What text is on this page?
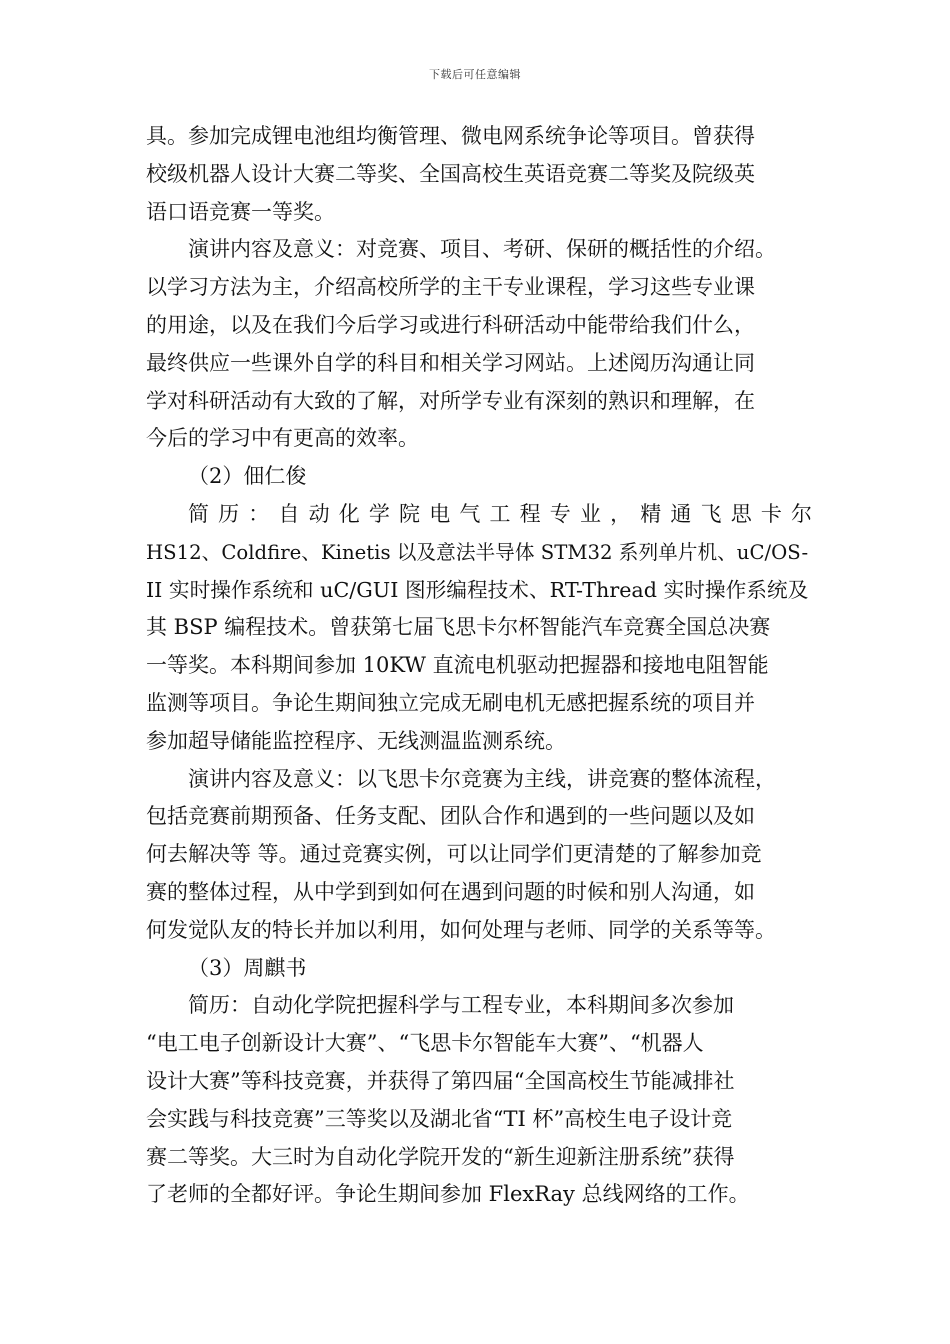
下载后可任意编辑
具。参加完成锂电池组均衡管理、微电网系统争论等项目。曾获得
校级机器人设计大赛二等奖、全国高校生英语竞赛二等奖及院级英
语口语竞赛一等奖。
演讲内容及意义：对竞赛、项目、考研、保研的概括性的介绍。
以学习方法为主，介绍高校所学的主干专业课程，学习这些专业课
的用途，以及在我们今后学习或进行科研活动中能带给我们什么，
最终供应一些课外自学的科目和相关学习网站。上述阅历沟通让同
学对科研活动有大致的了解，对所学专业有深刻的熟识和理解，在
今后的学习中有更高的效率。
（2）佃仁俊
简历：自动化学院电气工程专业，精通飞思卡尔
HS12、Coldfire、Kinetis 以及意法半导体 STM32 系列单片机、uC/OS-
II 实时操作系统和 uC/GUI 图形编程技术、RT-Thread 实时操作系统及
其 BSP 编程技术。曾获第七届飞思卡尔杯智能汽车竞赛全国总决赛
一等奖。本科期间参加 10KW 直流电机驱动把握器和接地电阻智能
监测等项目。争论生期间独立完成无刷电机无感把握系统的项目并
参加超导储能监控程序、无线测温监测系统。
演讲内容及意义：以飞思卡尔竞赛为主线，讲竞赛的整体流程，
包括竞赛前期预备、任务支配、团队合作和遇到的一些问题以及如
何去解决等 等。通过竞赛实例，可以让同学们更清楚的了解参加竞
赛的整体过程，从中学到到如何在遇到问题的时候和别人沟通，如
何发觉队友的特长并加以利用，如何处理与老师、同学的关系等等。
（3）周麒书
简历：自动化学院把握科学与工程专业，本科期间多次参加
“电工电子创新设计大赛”、“飞思卡尔智能车大赛”、“机器人
设计大赛”等科技竞赛，并获得了第四届“全国高校生节能减排社
会实践与科技竞赛”三等奖以及湖北省“TI 杯”高校生电子设计竞
赛二等奖。大三时为自动化学院开发的“新生迎新注册系统”获得
了老师的全都好评。争论生期间参加 FlexRay 总线网络的工作。
